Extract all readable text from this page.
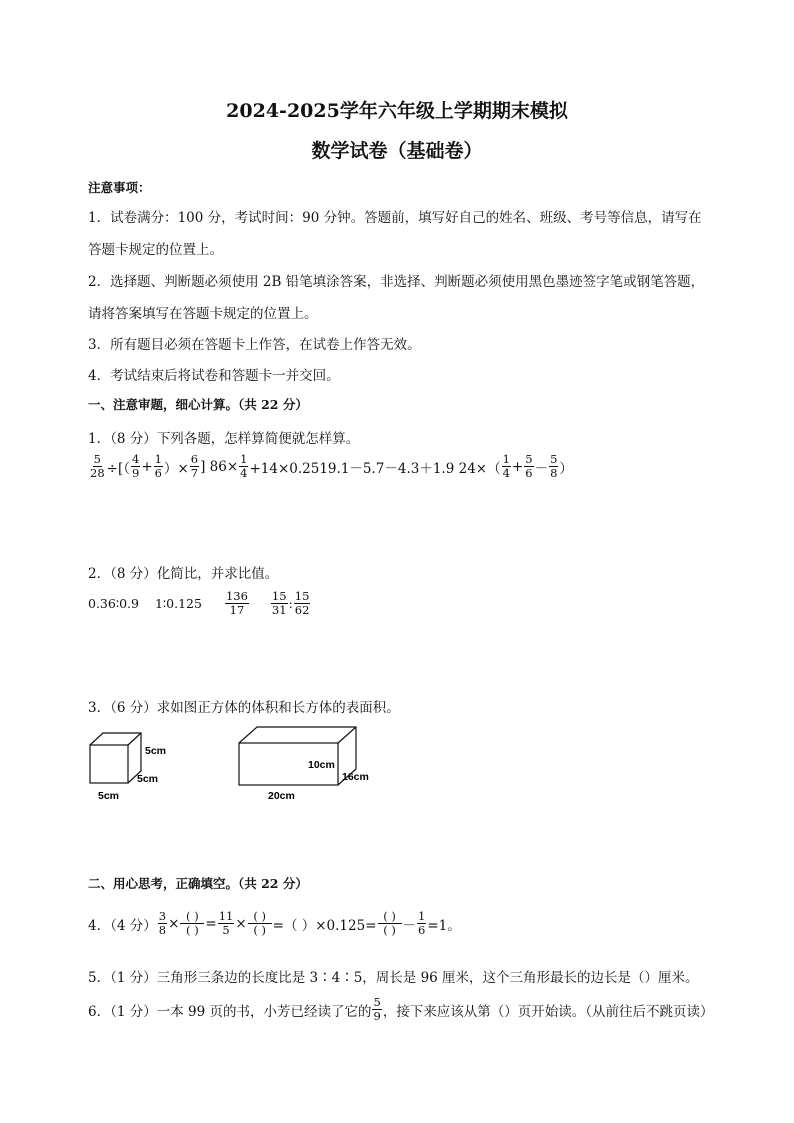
2024-2025学年六年级上学期期末模拟
数学试卷（基础卷）
注意事项：
1．试卷满分：100 分，考试时间：90 分钟。答题前，填写好自己的姓名、班级、考号等信息，请写在
答题卡规定的位置上。
2．选择题、判断题必须使用 2B 铅笔填涂答案，非选择、判断题必须使用黑色墨迹签字笔或钢笔答题，
请将答案填写在答题卡规定的位置上。
3．所有题目必须在答题卡上作答，在试卷上作答无效。
4．考试结束后将试卷和答题卡一并交回。
一、注意审题，细心计算。（共 22 分）
1．（8 分）下列各题，怎样算简便就怎样算。
$\frac{5}{28}$ ÷[（ $\frac{4}{9} + \frac{1}{6}$ ）× $\frac{6}{7}$ ] $86\times \frac{1}{4} +14\times 0.2519.1-5.7-4.3+1.9$ $24\times( \frac{1}{4} + \frac{5}{6} - \frac{5}{8}$ ）
2．（8 分）化简比，并求比值。
0.36∶0.9 1∶0.125 $\frac{136}{17} \frac{15}{31}$ : $\frac{15}{62}$
3．（6 分）求如图正方体的体积和长方体的表面积。
5cm
5cm
5cm
10cm
16cm
20cm
二、用心思考，正确填空。（共 22 分）
4．（4 分） $\frac{3}{8} \times \frac{( )}{( )} = \frac{11}{5} \times \frac{( )}{( )}$ =（ ）$\times 0.125= \frac{( )}{( )} - \frac{1}{6} =1$。
5．（1 分）三角形三条边的长度比是 3∶4∶5，周长是 96 厘米，这个三角形最长的边长是（）厘米。
6．（1 分）一本 99 页的书，小芳已经读了它的 $\frac{5}{9}$ ，接下来应该从第（）页开始读。（从前往后不跳页读）
